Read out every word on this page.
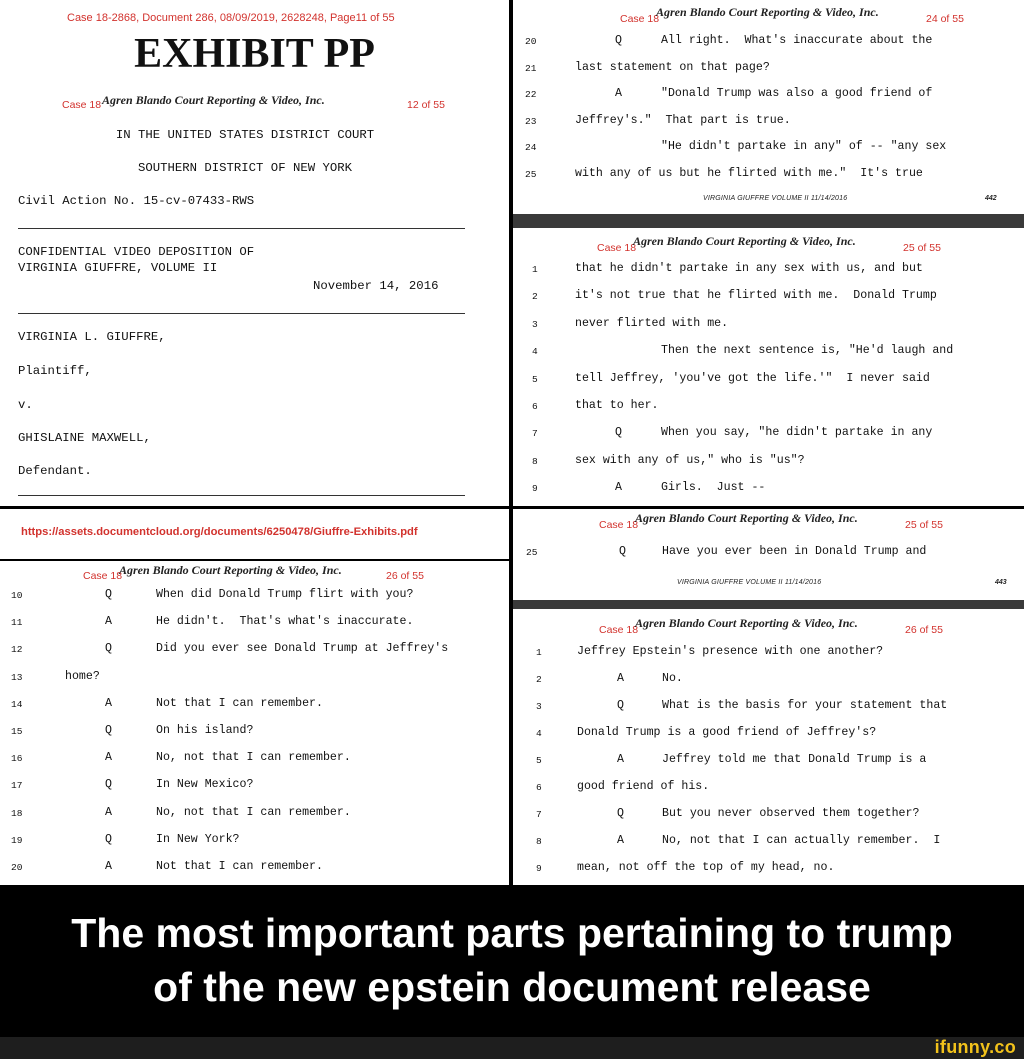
Case 18-2868, Document 286, 08/09/2019, 2628248, Page11 of 55
EXHIBIT PP
Case 18 Agren Blando Court Reporting & Video, Inc.	12 of 55
IN THE UNITED STATES DISTRICT COURT
SOUTHERN DISTRICT OF NEW YORK
Civil Action No. 15-cv-07433-RWS
CONFIDENTIAL VIDEO DEPOSITION OF
VIRGINIA GIUFFRE, VOLUME II
November 14, 2016
VIRGINIA L. GIUFFRE,
Plaintiff,
v.
GHISLAINE MAXWELL,
Defendant.
https://assets.documentcloud.org/documents/6250478/Giuffre-Exhibits.pdf
Case 18
Agren Blando Court Reporting & Video, Inc.	26 of 55
10	Q	When did Donald Trump flirt with you?
11	A	He didn't.  That's what's inaccurate.
12	Q	Did you ever see Donald Trump at Jeffrey's
13	home?
14	A	Not that I can remember.
15	Q	On his island?
16	A	No, not that I can remember.
17	Q	In New Mexico?
18	A	No, not that I can remember.
19	Q	In New York?
20	A	Not that I can remember.
Case 18
Agren Blando Court Reporting & Video, Inc.	24 of 55
20	Q	All right.  What's inaccurate about the
21	last statement on that page?
22	A	"Donald Trump was also a good friend of
23	Jeffrey's."  That part is true.
24	"He didn't partake in any" of -- "any sex
25	with any of us but he flirted with me."  It's true
VIRGINIA GIUFFRE VOLUME II 11/14/2016	442
Case 18
Agren Blando Court Reporting & Video, Inc.	25 of 55
1	that he didn't partake in any sex with us, and but
2	it's not true that he flirted with me.  Donald Trump
3	never flirted with me.
4	Then the next sentence is, "He'd laugh and
5	tell Jeffrey, 'you've got the life.'"  I never said
6	that to her.
7	Q	When you say, "he didn't partake in any
8	sex with any of us," who is "us"?
9	A	Girls.  Just --
Case 18
Agren Blando Court Reporting & Video, Inc.	25 of 55
25	Q	Have you ever been in Donald Trump and
VIRGINIA GIUFFRE VOLUME II 11/14/2016	443
Case 18
Agren Blando Court Reporting & Video, Inc.	26 of 55
1	Jeffrey Epstein's presence with one another?
2	A	No.
3	Q	What is the basis for your statement that
4	Donald Trump is a good friend of Jeffrey's?
5	A	Jeffrey told me that Donald Trump is a
6	good friend of his.
7	Q	But you never observed them together?
8	A	No, not that I can actually remember.  I
9	mean, not off the top of my head, no.
The most important parts pertaining to trump
of the new epstein document release
ifunny.co
